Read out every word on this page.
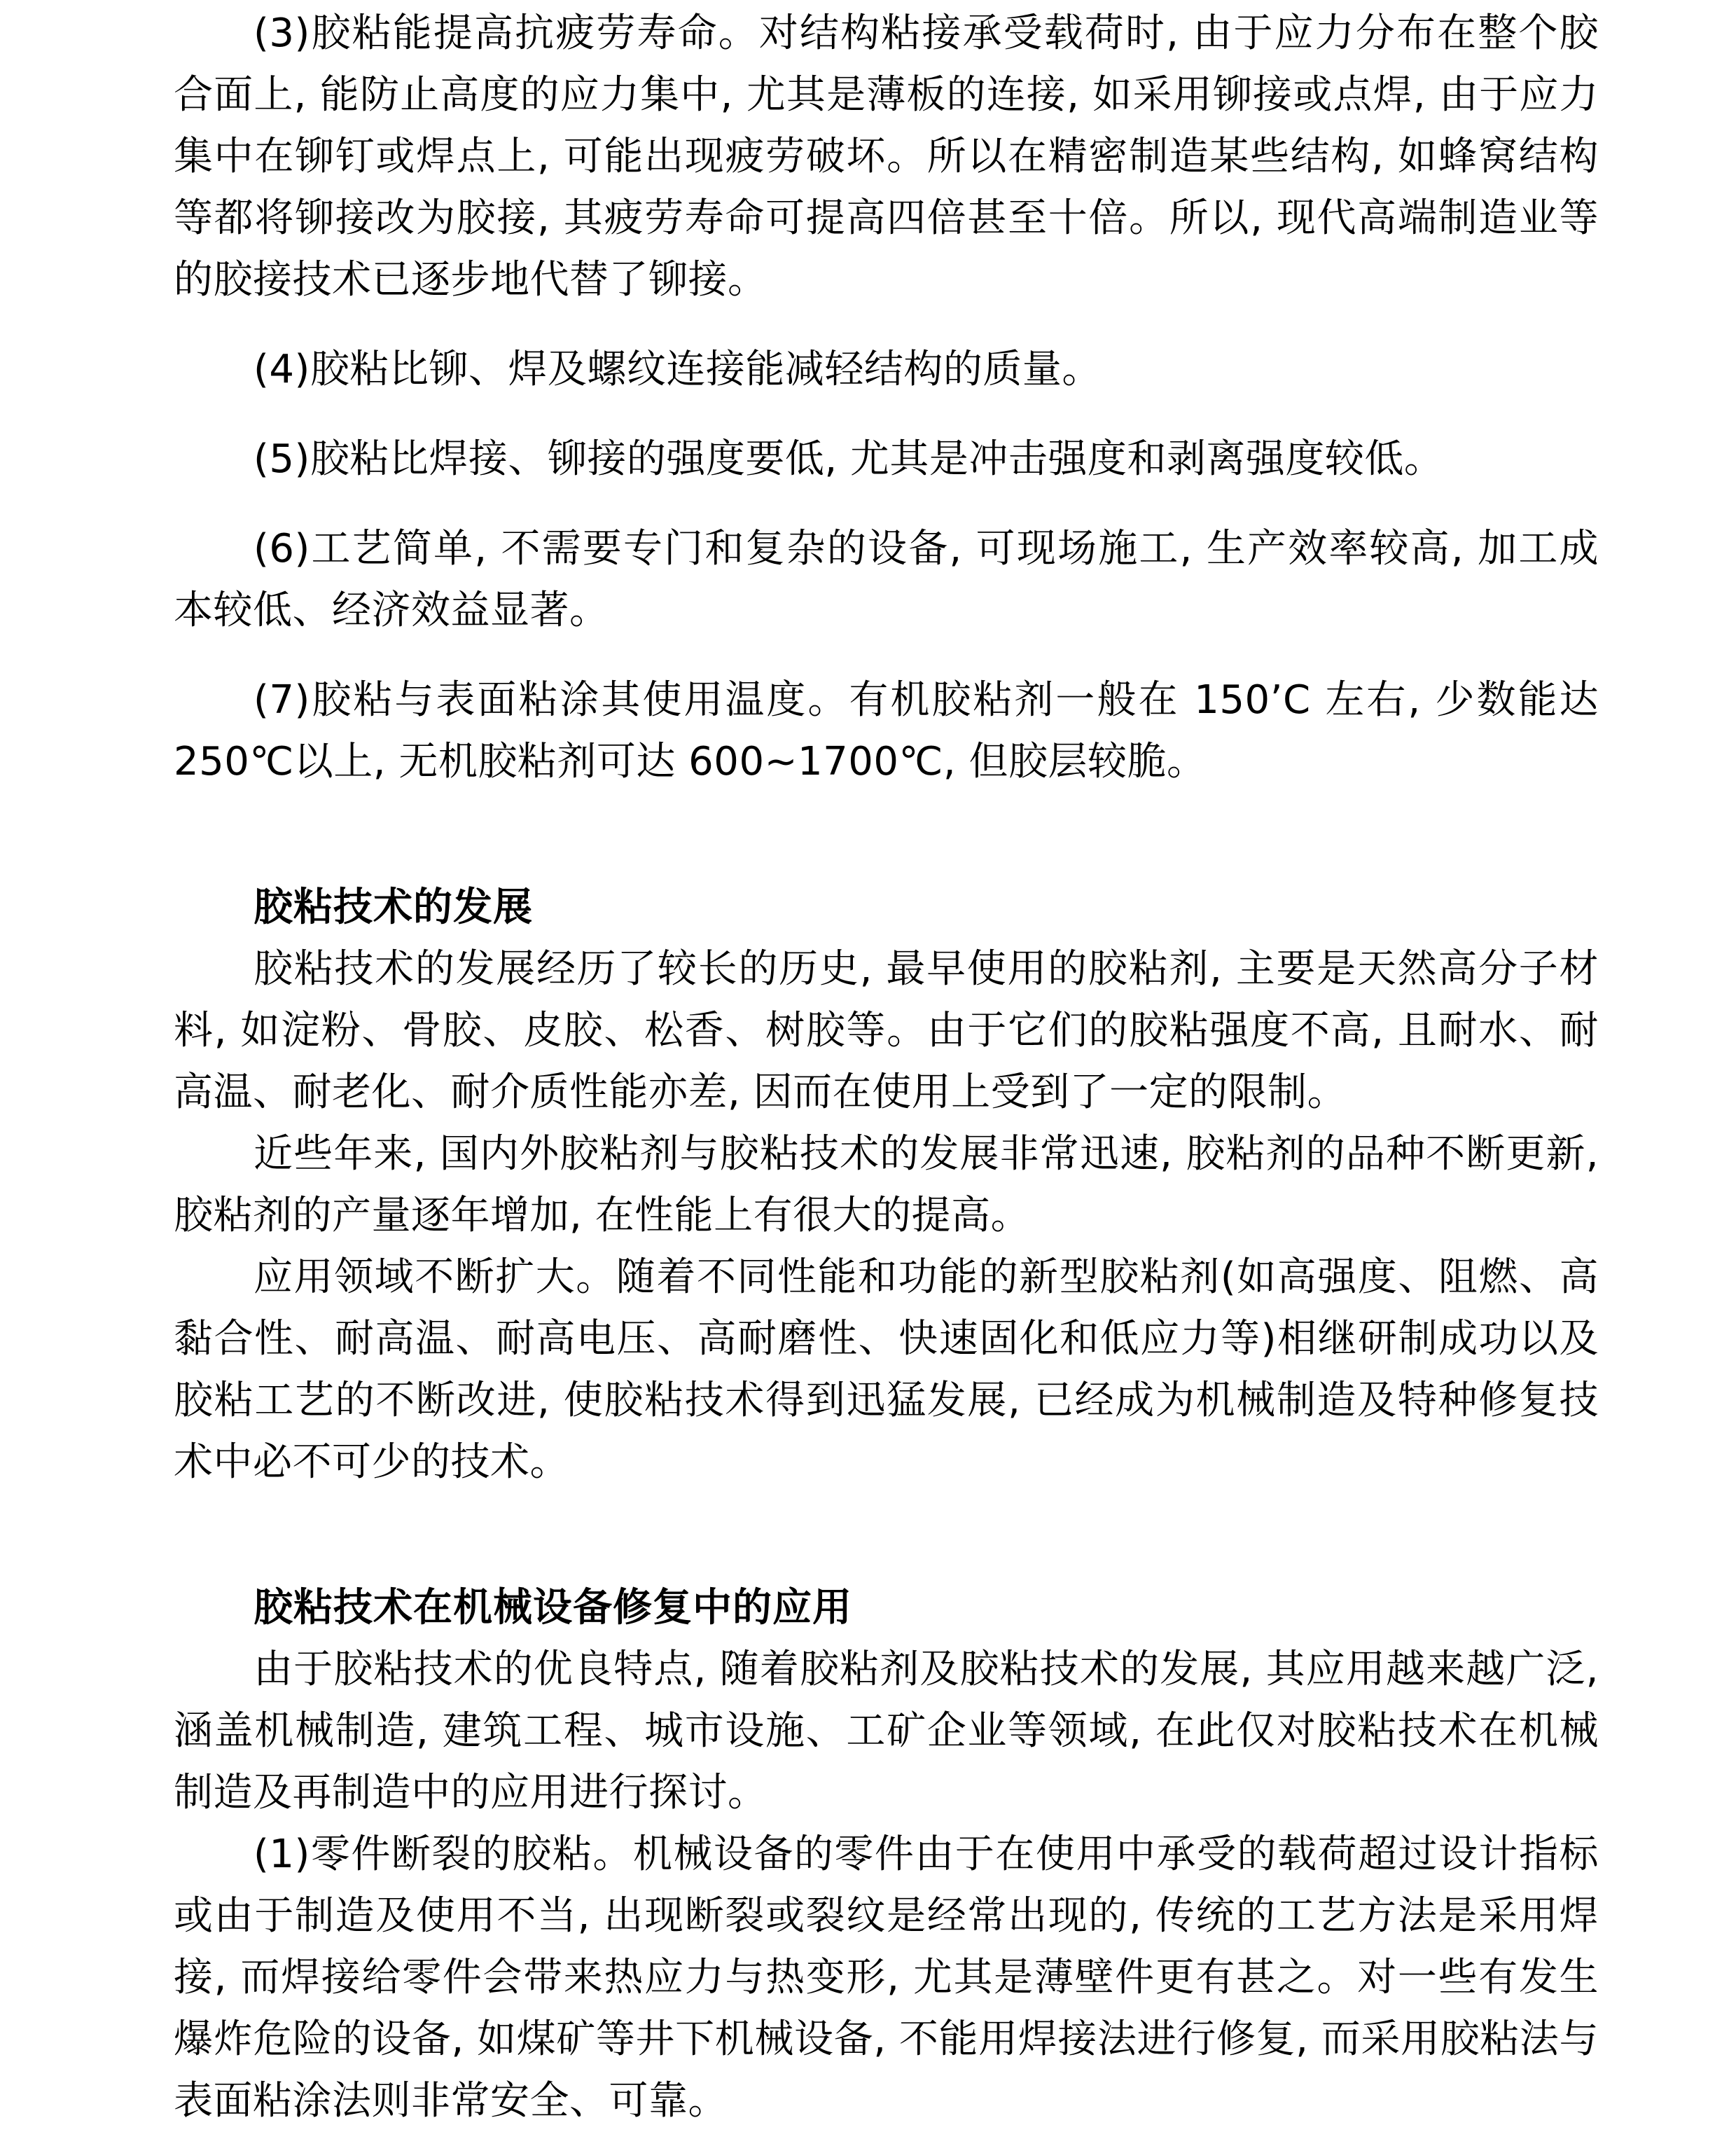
(3)胶粘能提高抗疲劳寿命。对结构粘接承受载荷时, 由于应力分布在整个胶合面上, 能防止高度的应力集中, 尤其是薄板的连接, 如采用铆接或点焊, 由于应力集中在铆钉或焊点上, 可能出现疲劳破坏。所以在精密制造某些结构, 如蜂窝结构等都将铆接改为胶接, 其疲劳寿命可提高四倍甚至十倍。所以, 现代高端制造业等的胶接技术已逐步地代替了铆接。

(4)胶粘比铆、焊及螺纹连接能减轻结构的质量。

(5)胶粘比焊接、铆接的强度要低, 尤其是冲击强度和剥离强度较低。

(6)工艺简单, 不需要专门和复杂的设备, 可现场施工, 生产效率较高, 加工成本较低、经济效益显著。

(7)胶粘与表面粘涂其使用温度。有机胶粘剂一般在 150’C 左右, 少数能达 250℃以上, 无机胶粘剂可达 600~1700℃, 但胶层较脆。

胶粘技术的发展

胶粘技术的发展经历了较长的历史, 最早使用的胶粘剂, 主要是天然高分子材料, 如淀粉、骨胶、皮胶、松香、树胶等。由于它们的胶粘强度不高, 且耐水、耐高温、耐老化、耐介质性能亦差, 因而在使用上受到了一定的限制。

近些年来, 国内外胶粘剂与胶粘技术的发展非常迅速, 胶粘剂的品种不断更新, 胶粘剂的产量逐年增加, 在性能上有很大的提高。

应用领域不断扩大。随着不同性能和功能的新型胶粘剂(如高强度、阻燃、高黏合性、耐高温、耐高电压、高耐磨性、快速固化和低应力等)相继研制成功以及胶粘工艺的不断改进, 使胶粘技术得到迅猛发展, 已经成为机械制造及特种修复技术中必不可少的技术。

胶粘技术在机械设备修复中的应用

由于胶粘技术的优良特点, 随着胶粘剂及胶粘技术的发展, 其应用越来越广泛, 涵盖机械制造, 建筑工程、城市设施、工矿企业等领域, 在此仅对胶粘技术在机械制造及再制造中的应用进行探讨。

(1)零件断裂的胶粘。机械设备的零件由于在使用中承受的载荷超过设计指标或由于制造及使用不当, 出现断裂或裂纹是经常出现的, 传统的工艺方法是采用焊接, 而焊接给零件会带来热应力与热变形, 尤其是薄壁件更有甚之。对一些有发生爆炸危险的设备, 如煤矿等井下机械设备, 不能用焊接法进行修复, 而采用胶粘法与表面粘涂法则非常安全、可靠。
